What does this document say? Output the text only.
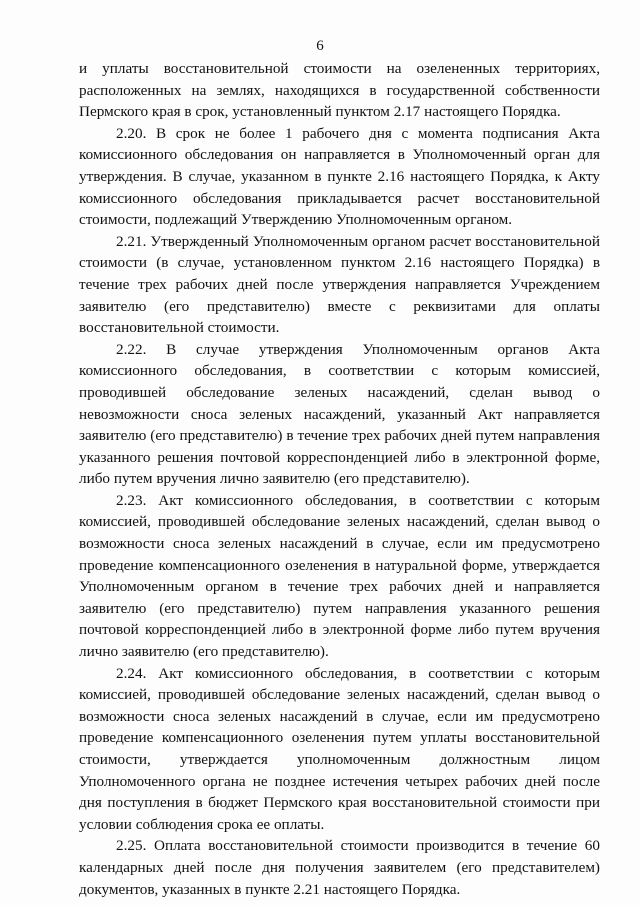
6

и уплаты восстановительной стоимости на озелененных территориях, расположенных на землях, находящихся в государственной собственности Пермского края в срок, установленный пунктом 2.17 настоящего Порядка.

2.20. В срок не более 1 рабочего дня с момента подписания Акта комиссионного обследования он направляется в Уполномоченный орган для утверждения. В случае, указанном в пункте 2.16 настоящего Порядка, к Акту комиссионного обследования прикладывается расчет восстановительной стоимости, подлежащий Утверждению Уполномоченным органом.

2.21. Утвержденный Уполномоченным органом расчет восстановительной стоимости (в случае, установленном пунктом 2.16 настоящего Порядка) в течение трех рабочих дней после утверждения направляется Учреждением заявителю (его представителю) вместе с реквизитами для оплаты восстановительной стоимости.

2.22. В случае утверждения Уполномоченным органов Акта комиссионного обследования, в соответствии с которым комиссией, проводившей обследование зеленых насаждений, сделан вывод о невозможности сноса зеленых насаждений, указанный Акт направляется заявителю (его представителю) в течение трех рабочих дней путем направления указанного решения почтовой корреспонденцией либо в электронной форме, либо путем вручения лично заявителю (его представителю).

2.23. Акт комиссионного обследования, в соответствии с которым комиссией, проводившей обследование зеленых насаждений, сделан вывод о возможности сноса зеленых насаждений в случае, если им предусмотрено проведение компенсационного озеленения в натуральной форме, утверждается Уполномоченным органом в течение трех рабочих дней и направляется заявителю (его представителю) путем направления указанного решения почтовой корреспонденцией либо в электронной форме либо путем вручения лично заявителю (его представителю).

2.24. Акт комиссионного обследования, в соответствии с которым комиссией, проводившей обследование зеленых насаждений, сделан вывод о возможности сноса зеленых насаждений в случае, если им предусмотрено проведение компенсационного озеленения путем уплаты восстановительной стоимости, утверждается уполномоченным должностным лицом Уполномоченного органа не позднее истечения четырех рабочих дней после дня поступления в бюджет Пермского края восстановительной стоимости при условии соблюдения срока ее оплаты.

2.25. Оплата восстановительной стоимости производится в течение 60 календарных дней после дня получения заявителем (его представителем) документов, указанных в пункте 2.21 настоящего Порядка.
